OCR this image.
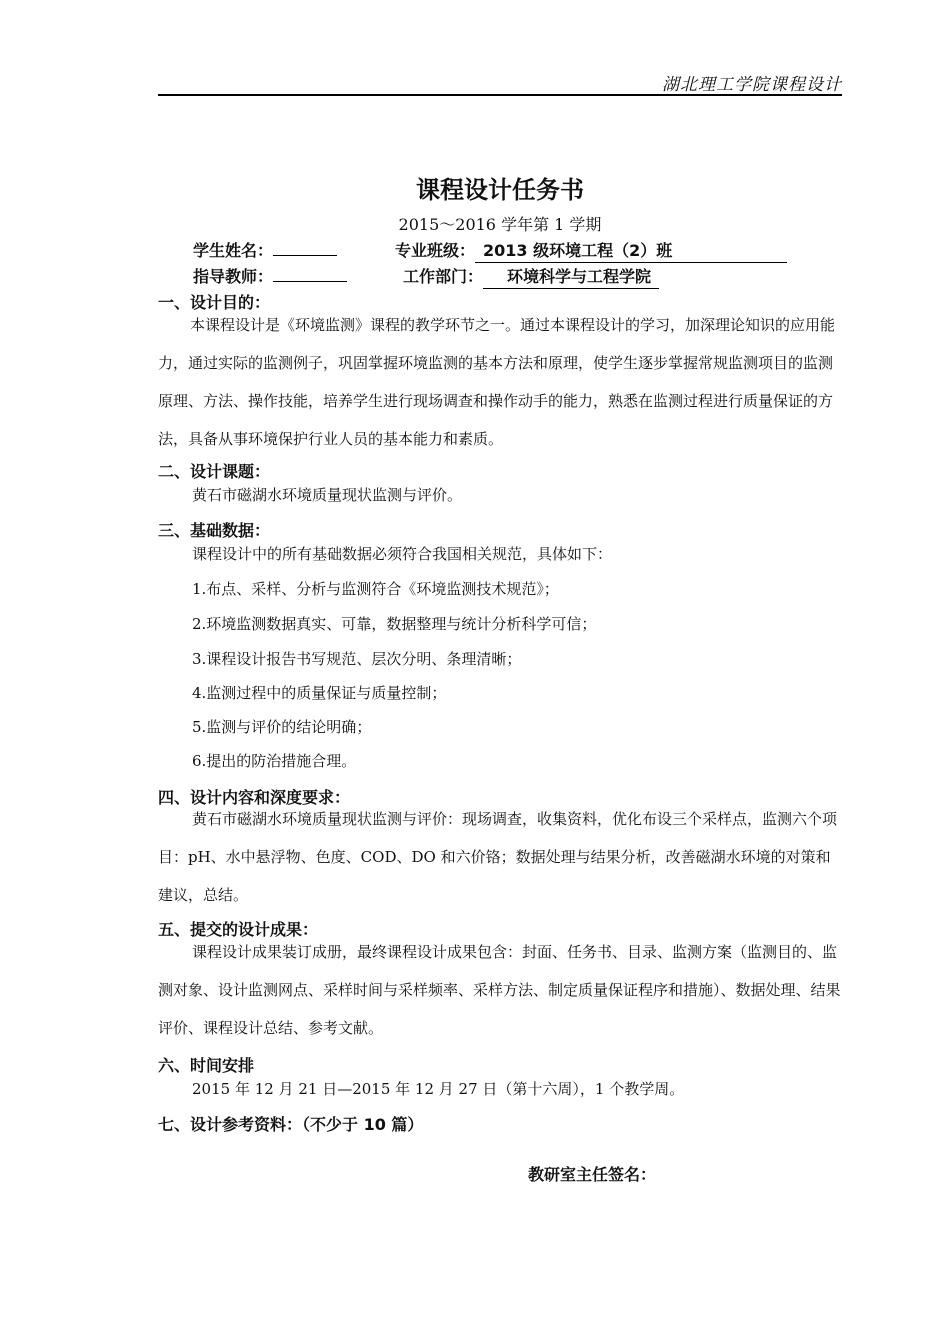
湖北理工学院课程设计
课程设计任务书
2015～2016 学年第 1 学期
学生姓名：	专业班级： 2013 级环境工程（2）班
指导教师：	工作部门： 环境科学与工程学院
一、设计目的：
本课程设计是《环境监测》课程的教学环节之一。通过本课程设计的学习，加深理论知识的应用能力，通过实际的监测例子，巩固掌握环境监测的基本方法和原理，使学生逐步掌握常规监测项目的监测原理、方法、操作技能，培养学生进行现场调查和操作动手的能力，熟悉在监测过程进行质量保证的方法，具备从事环境保护行业人员的基本能力和素质。
二、设计课题：
黄石市磁湖水环境质量现状监测与评价。
三、基础数据：
课程设计中的所有基础数据必须符合我国相关规范，具体如下：
1.布点、采样、分析与监测符合《环境监测技术规范》；
2.环境监测数据真实、可靠，数据整理与统计分析科学可信；
3.课程设计报告书写规范、层次分明、条理清晰；
4.监测过程中的质量保证与质量控制；
5.监测与评价的结论明确；
6.提出的防治措施合理。
四、设计内容和深度要求：
黄石市磁湖水环境质量现状监测与评价：现场调查，收集资料，优化布设三个采样点，监测六个项目：pH、水中悬浮物、色度、COD、DO 和六价铬；数据处理与结果分析，改善磁湖水环境的对策和建议，总结。
五、提交的设计成果：
课程设计成果装订成册，最终课程设计成果包含：封面、任务书、目录、监测方案（监测目的、监测对象、设计监测网点、采样时间与采样频率、采样方法、制定质量保证程序和措施）、数据处理、结果评价、课程设计总结、参考文献。
六、时间安排
2015 年 12 月 21 日—2015 年 12 月 27 日（第十六周），1 个教学周。
七、设计参考资料：（不少于 10 篇）
教研室主任签名：
